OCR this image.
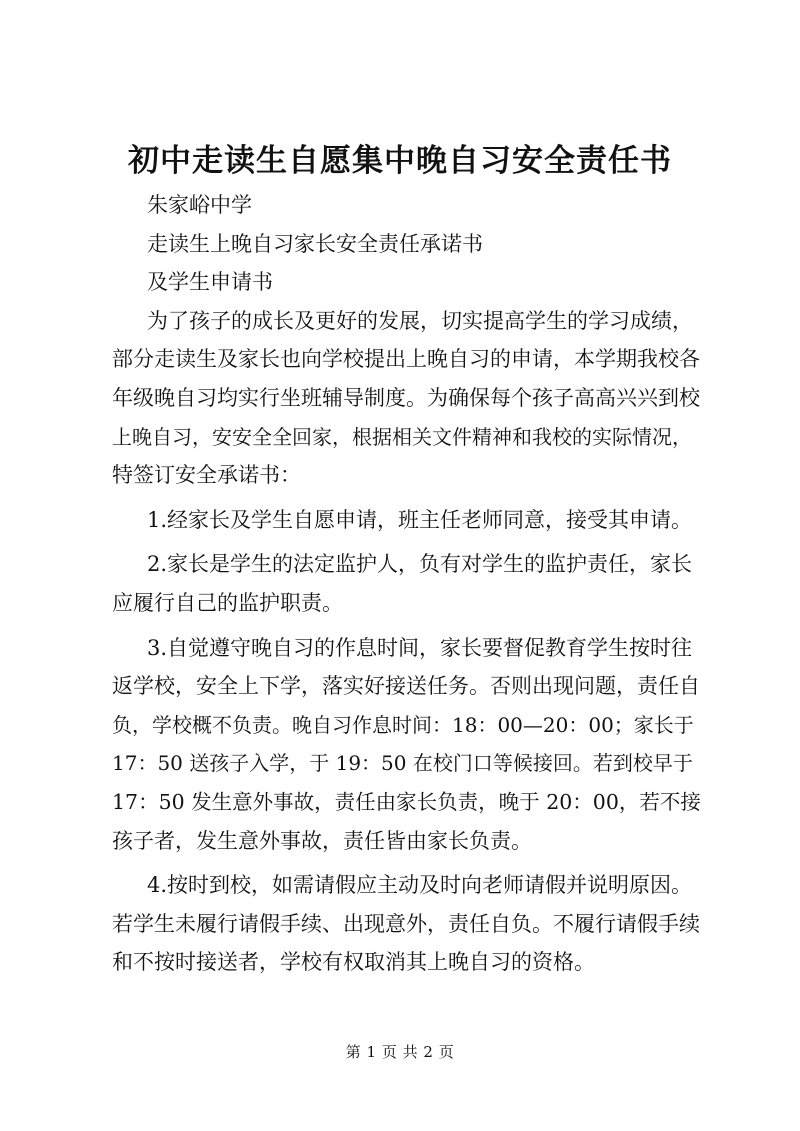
初中走读生自愿集中晚自习安全责任书
朱家峪中学
走读生上晚自习家长安全责任承诺书
及学生申请书
为了孩子的成长及更好的发展，切实提高学生的学习成绩，
部分走读生及家长也向学校提出上晚自习的申请，本学期我校各
年级晚自习均实行坐班辅导制度。为确保每个孩子高高兴兴到校
上晚自习，安安全全回家，根据相关文件精神和我校的实际情况，
特签订安全承诺书：
1.经家长及学生自愿申请，班主任老师同意，接受其申请。
2.家长是学生的法定监护人，负有对学生的监护责任，家长
应履行自己的监护职责。
3.自觉遵守晚自习的作息时间，家长要督促教育学生按时往
返学校，安全上下学，落实好接送任务。否则出现问题，责任自
负，学校概不负责。晚自习作息时间：18：00—20：00；家长于
17：50 送孩子入学，于 19：50 在校门口等候接回。若到校早于
17：50 发生意外事故，责任由家长负责，晚于 20：00，若不接
孩子者，发生意外事故，责任皆由家长负责。
4.按时到校，如需请假应主动及时向老师请假并说明原因。
若学生未履行请假手续、出现意外，责任自负。不履行请假手续
和不按时接送者，学校有权取消其上晚自习的资格。
第 1 页 共 2 页
